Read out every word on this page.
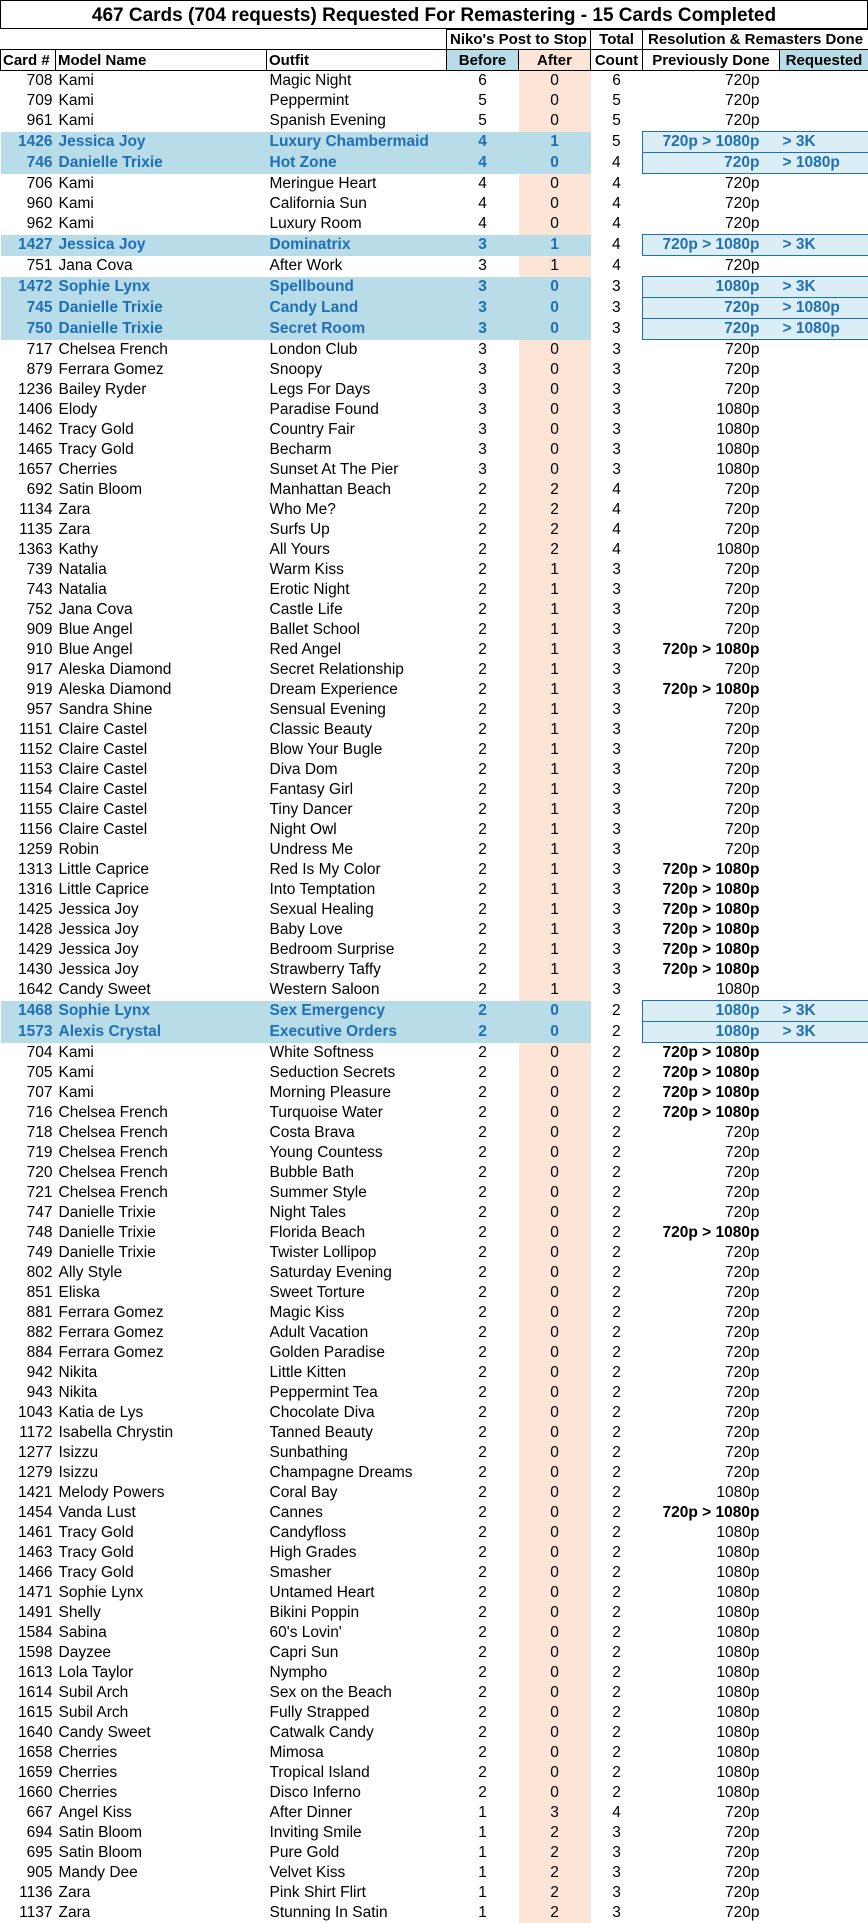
467 Cards (704 requests) Requested For Remastering - 15 Cards Completed
			Niko's Post to Stop		Total	Resolution & Remasters Done	
Card #	Model Name	Outfit	Before	After	Count	Previously Done	Requested
708	Kami	Magic Night	6	0	6	720p	
709	Kami	Peppermint	5	0	5	720p	
961	Kami	Spanish Evening	5	0	5	720p	
1426	Jessica Joy	Luxury Chambermaid	4	1	5	720p > 1080p	> 3K
746	Danielle Trixie	Hot Zone	4	0	4	720p	> 1080p
706	Kami	Meringue Heart	4	0	4	720p	
960	Kami	California Sun	4	0	4	720p	
962	Kami	Luxury Room	4	0	4	720p	
1427	Jessica Joy	Dominatrix	3	1	4	720p > 1080p	> 3K
751	Jana Cova	After Work	3	1	4	720p	
1472	Sophie Lynx	Spellbound	3	0	3	1080p	> 3K
745	Danielle Trixie	Candy Land	3	0	3	720p	> 1080p
750	Danielle Trixie	Secret Room	3	0	3	720p	> 1080p
717	Chelsea French	London Club	3	0	3	720p	
879	Ferrara Gomez	Snoopy	3	0	3	720p	
1236	Bailey Ryder	Legs For Days	3	0	3	720p	
1406	Elody	Paradise Found	3	0	3	1080p	
1462	Tracy Gold	Country Fair	3	0	3	1080p	
1465	Tracy Gold	Becharm	3	0	3	1080p	
1657	Cherries	Sunset At The Pier	3	0	3	1080p	
692	Satin Bloom	Manhattan Beach	2	2	4	720p	
1134	Zara	Who Me?	2	2	4	720p	
1135	Zara	Surfs Up	2	2	4	720p	
1363	Kathy	All Yours	2	2	4	1080p	
739	Natalia	Warm Kiss	2	1	3	720p	
743	Natalia	Erotic Night	2	1	3	720p	
752	Jana Cova	Castle Life	2	1	3	720p	
909	Blue Angel	Ballet School	2	1	3	720p	
910	Blue Angel	Red Angel	2	1	3	720p > 1080p	
917	Aleska Diamond	Secret Relationship	2	1	3	720p	
919	Aleska Diamond	Dream Experience	2	1	3	720p > 1080p	
957	Sandra Shine	Sensual Evening	2	1	3	720p	
1151	Claire Castel	Classic Beauty	2	1	3	720p	
1152	Claire Castel	Blow Your Bugle	2	1	3	720p	
1153	Claire Castel	Diva Dom	2	1	3	720p	
1154	Claire Castel	Fantasy Girl	2	1	3	720p	
1155	Claire Castel	Tiny Dancer	2	1	3	720p	
1156	Claire Castel	Night Owl	2	1	3	720p	
1259	Robin	Undress Me	2	1	3	720p	
1313	Little Caprice	Red Is My Color	2	1	3	720p > 1080p	
1316	Little Caprice	Into Temptation	2	1	3	720p > 1080p	
1425	Jessica Joy	Sexual Healing	2	1	3	720p > 1080p	
1428	Jessica Joy	Baby Love	2	1	3	720p > 1080p	
1429	Jessica Joy	Bedroom Surprise	2	1	3	720p > 1080p	
1430	Jessica Joy	Strawberry Taffy	2	1	3	720p > 1080p	
1642	Candy Sweet	Western Saloon	2	1	3	1080p	
1468	Sophie Lynx	Sex Emergency	2	0	2	1080p	> 3K
1573	Alexis Crystal	Executive Orders	2	0	2	1080p	> 3K
704	Kami	White Softness	2	0	2	720p > 1080p	
705	Kami	Seduction Secrets	2	0	2	720p > 1080p	
707	Kami	Morning Pleasure	2	0	2	720p > 1080p	
716	Chelsea French	Turquoise Water	2	0	2	720p > 1080p	
718	Chelsea French	Costa Brava	2	0	2	720p	
719	Chelsea French	Young Countess	2	0	2	720p	
720	Chelsea French	Bubble Bath	2	0	2	720p	
721	Chelsea French	Summer Style	2	0	2	720p	
747	Danielle Trixie	Night Tales	2	0	2	720p	
748	Danielle Trixie	Florida Beach	2	0	2	720p > 1080p	
749	Danielle Trixie	Twister Lollipop	2	0	2	720p	
802	Ally Style	Saturday Evening	2	0	2	720p	
851	Eliska	Sweet Torture	2	0	2	720p	
881	Ferrara Gomez	Magic Kiss	2	0	2	720p	
882	Ferrara Gomez	Adult Vacation	2	0	2	720p	
884	Ferrara Gomez	Golden Paradise	2	0	2	720p	
942	Nikita	Little Kitten	2	0	2	720p	
943	Nikita	Peppermint Tea	2	0	2	720p	
1043	Katia de Lys	Chocolate Diva	2	0	2	720p	
1172	Isabella Chrystin	Tanned Beauty	2	0	2	720p	
1277	Isizzu	Sunbathing	2	0	2	720p	
1279	Isizzu	Champagne Dreams	2	0	2	720p	
1421	Melody Powers	Coral Bay	2	0	2	1080p	
1454	Vanda Lust	Cannes	2	0	2	720p > 1080p	
1461	Tracy Gold	Candyfloss	2	0	2	1080p	
1463	Tracy Gold	High Grades	2	0	2	1080p	
1466	Tracy Gold	Smasher	2	0	2	1080p	
1471	Sophie Lynx	Untamed Heart	2	0	2	1080p	
1491	Shelly	Bikini Poppin	2	0	2	1080p	
1584	Sabina	60's Lovin'	2	0	2	1080p	
1598	Dayzee	Capri Sun	2	0	2	1080p	
1613	Lola Taylor	Nympho	2	0	2	1080p	
1614	Subil Arch	Sex on the Beach	2	0	2	1080p	
1615	Subil Arch	Fully Strapped	2	0	2	1080p	
1640	Candy Sweet	Catwalk Candy	2	0	2	1080p	
1658	Cherries	Mimosa	2	0	2	1080p	
1659	Cherries	Tropical Island	2	0	2	1080p	
1660	Cherries	Disco Inferno	2	0	2	1080p	
667	Angel Kiss	After Dinner	1	3	4	720p	
694	Satin Bloom	Inviting Smile	1	2	3	720p	
695	Satin Bloom	Pure Gold	1	2	3	720p	
905	Mandy Dee	Velvet Kiss	1	2	3	720p	
1136	Zara	Pink Shirt Flirt	1	2	3	720p	
1137	Zara	Stunning In Satin	1	2	3	720p	
